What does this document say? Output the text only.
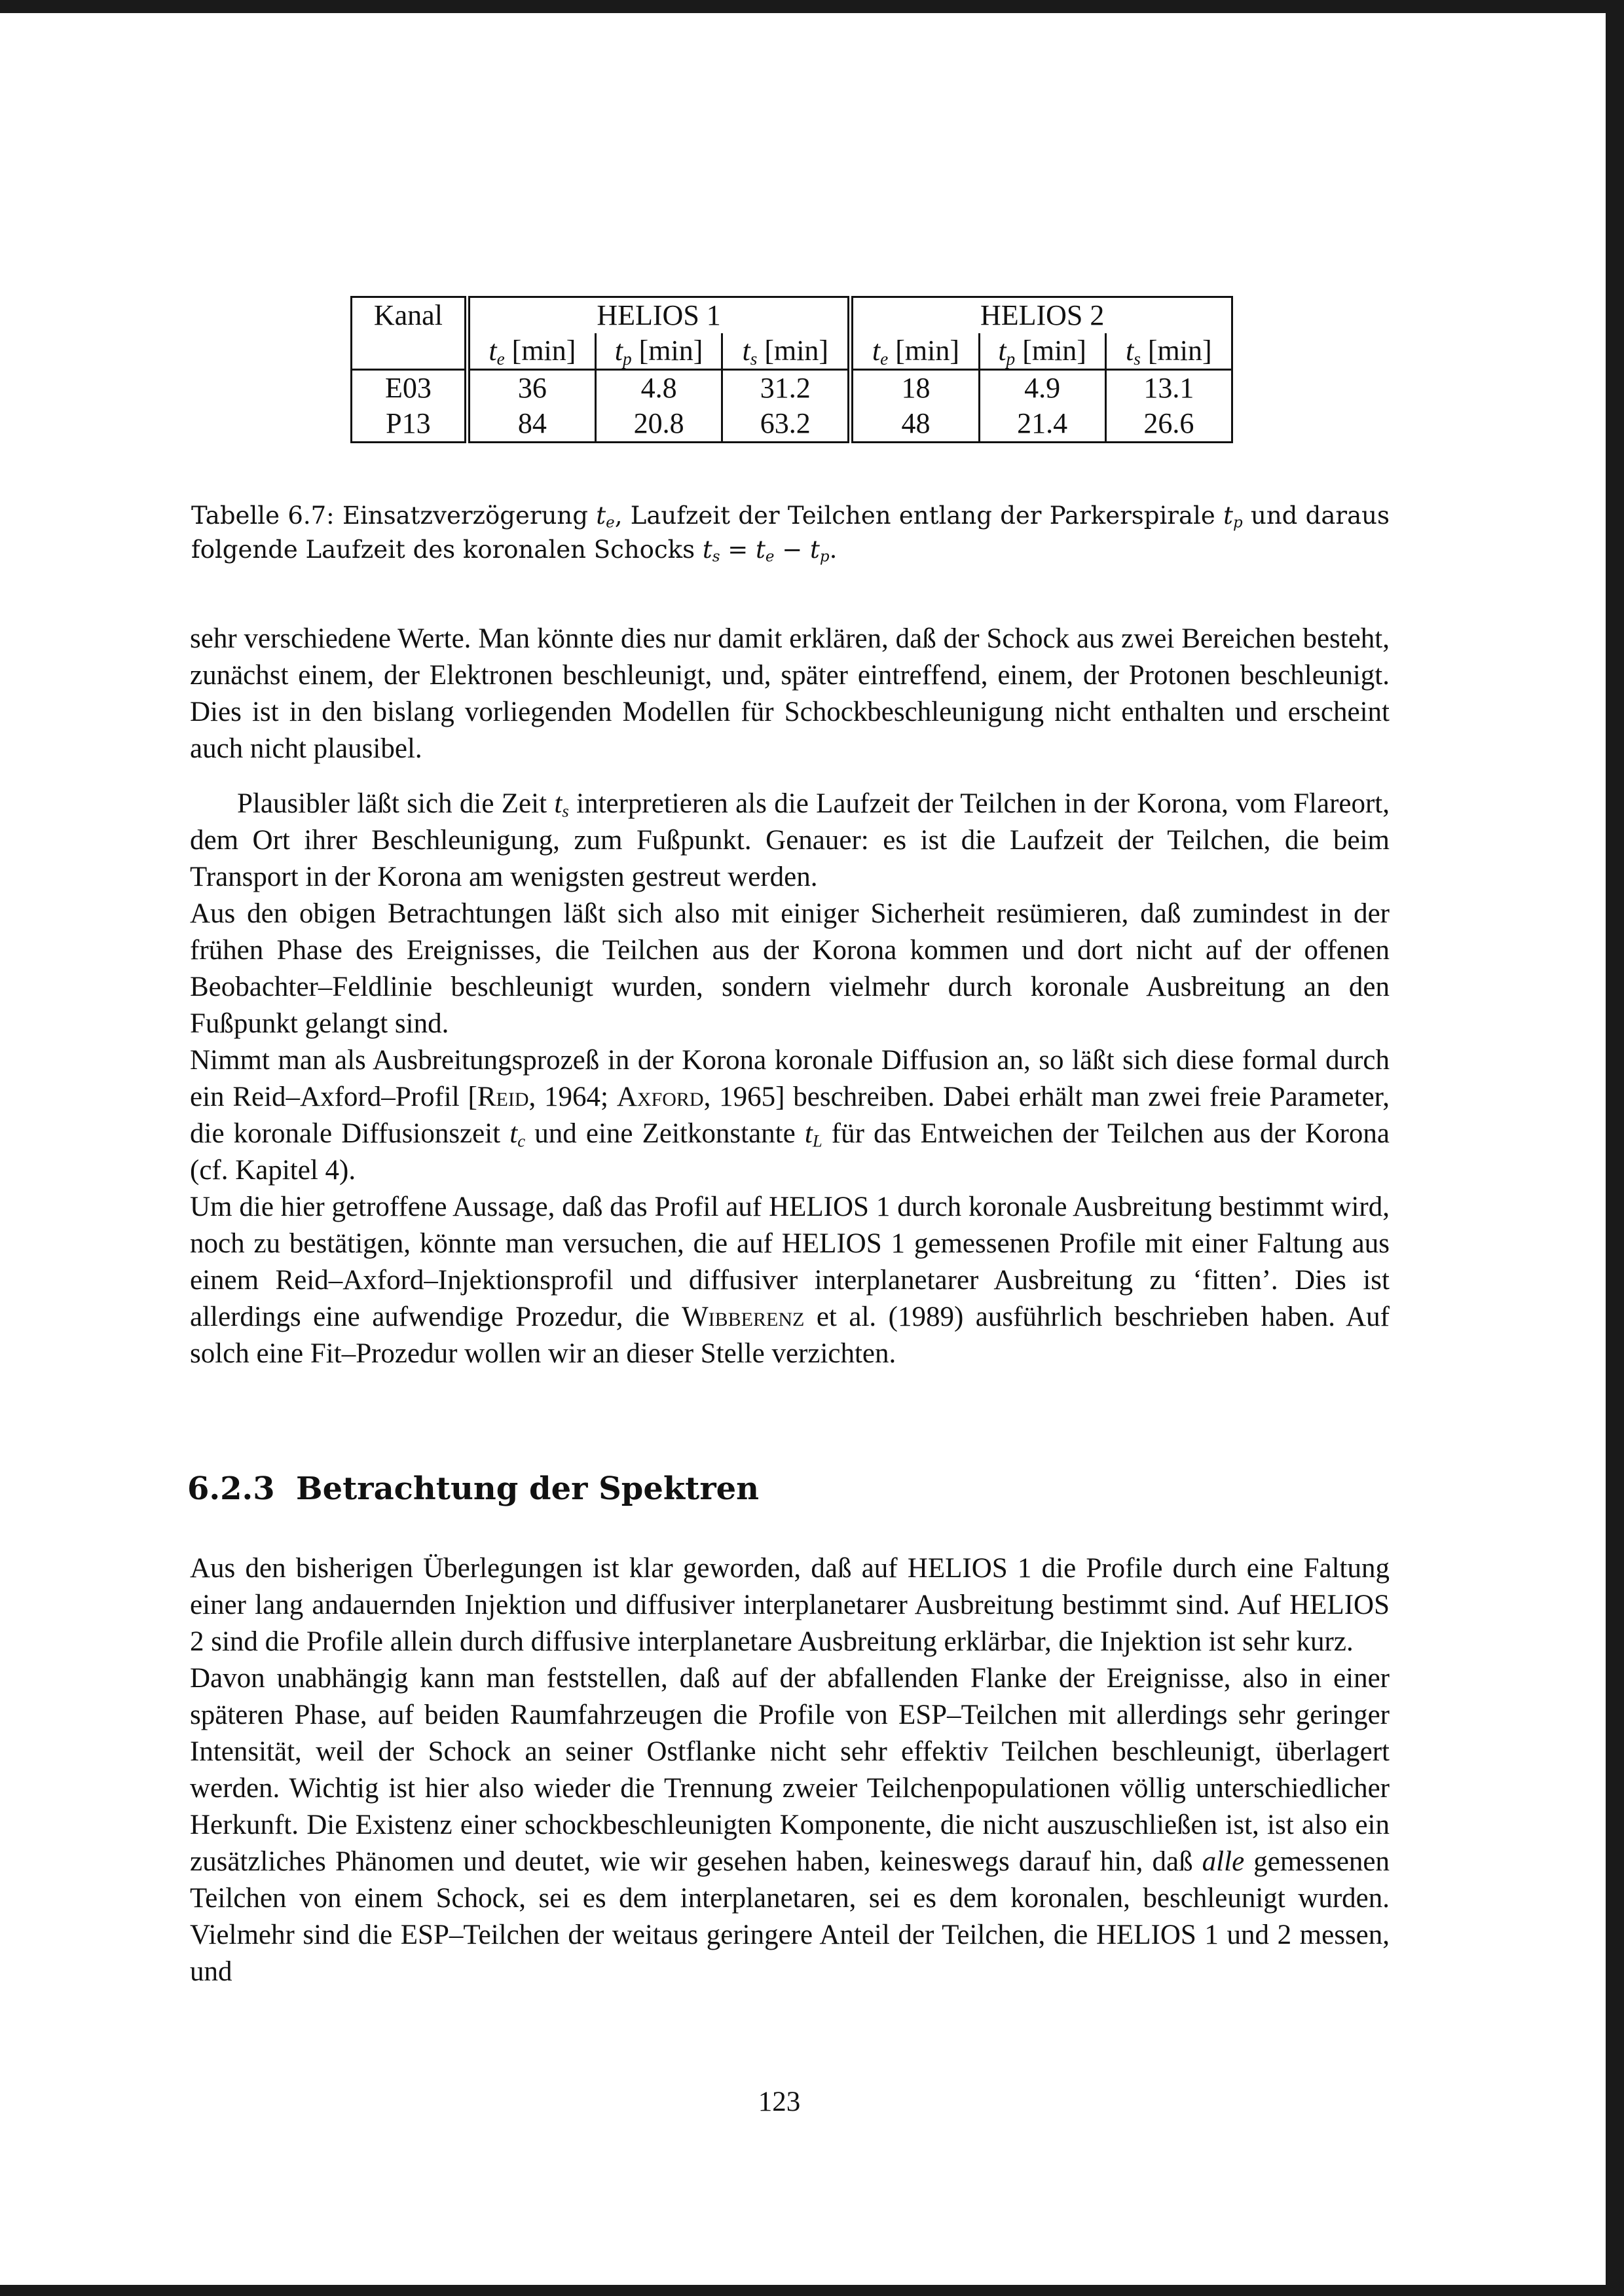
Kanal	HELIOS 1			HELIOS 2		
	$t_e$ [min]	$t_p$ [min]	$t_s$ [min]	$t_e$ [min]	$t_p$ [min]	$t_s$ [min]
E03	36	4.8	31.2	18	4.9	13.1
P13	84	20.8	63.2	48	21.4	26.6
Tabelle 6.7: Einsatzverzögerung $t_e$, Laufzeit der Teilchen entlang der Parkerspirale $t_p$ und daraus folgende Laufzeit des koronalen Schocks $t_s = t_e - t_p$.

sehr verschiedene Werte. Man könnte dies nur damit erklären, daß der Schock aus zwei Bereichen besteht, zunächst einem, der Elektronen beschleunigt, und, später eintreffend, einem, der Protonen beschleunigt. Dies ist in den bislang vorliegenden Modellen für Schockbeschleunigung nicht enthalten und erscheint auch nicht plausibel.

Plausibler läßt sich die Zeit $t_s$ interpretieren als die Laufzeit der Teilchen in der Korona, vom Flareort, dem Ort ihrer Beschleunigung, zum Fußpunkt. Genauer: es ist die Laufzeit der Teilchen, die beim Transport in der Korona am wenigsten gestreut werden.

Aus den obigen Betrachtungen läßt sich also mit einiger Sicherheit resümieren, daß zumindest in der frühen Phase des Ereignisses, die Teilchen aus der Korona kommen und dort nicht auf der offenen Beobachter–Feldlinie beschleunigt wurden, sondern vielmehr durch koronale Ausbreitung an den Fußpunkt gelangt sind.

Nimmt man als Ausbreitungsprozeß in der Korona koronale Diffusion an, so läßt sich diese formal durch ein Reid–Axford–Profil [Reid, 1964; Axford, 1965] beschreiben. Dabei erhält man zwei freie Parameter, die koronale Diffusionszeit $t_c$ und eine Zeitkonstante $t_L$ für das Entweichen der Teilchen aus der Korona (cf. Kapitel 4).

Um die hier getroffene Aussage, daß das Profil auf HELIOS 1 durch koronale Ausbreitung bestimmt wird, noch zu bestätigen, könnte man versuchen, die auf HELIOS 1 gemessenen Profile mit einer Faltung aus einem Reid–Axford–Injektionsprofil und diffusiver interplanetarer Ausbreitung zu ‘fitten’. Dies ist allerdings eine aufwendige Prozedur, die Wibberenz et al. (1989) ausführlich beschrieben haben. Auf solch eine Fit–Prozedur wollen wir an dieser Stelle verzichten.

6.2.3 Betrachtung der Spektren

Aus den bisherigen Überlegungen ist klar geworden, daß auf HELIOS 1 die Profile durch eine Faltung einer lang andauernden Injektion und diffusiver interplanetarer Ausbreitung bestimmt sind. Auf HELIOS 2 sind die Profile allein durch diffusive interplanetare Ausbreitung erklärbar, die Injektion ist sehr kurz.

Davon unabhängig kann man feststellen, daß auf der abfallenden Flanke der Ereignisse, also in einer späteren Phase, auf beiden Raumfahrzeugen die Profile von ESP–Teilchen mit allerdings sehr geringer Intensität, weil der Schock an seiner Ostflanke nicht sehr effektiv Teilchen beschleunigt, überlagert werden. Wichtig ist hier also wieder die Trennung zweier Teilchenpopulationen völlig unterschiedlicher Herkunft. Die Existenz einer schockbeschleunigten Komponente, die nicht auszuschließen ist, ist also ein zusätzliches Phänomen und deutet, wie wir gesehen haben, keineswegs darauf hin, daß alle gemessenen Teilchen von einem Schock, sei es dem interplanetaren, sei es dem koronalen, beschleunigt wurden. Vielmehr sind die ESP–Teilchen der weitaus geringere Anteil der Teilchen, die HELIOS 1 und 2 messen, und

123
